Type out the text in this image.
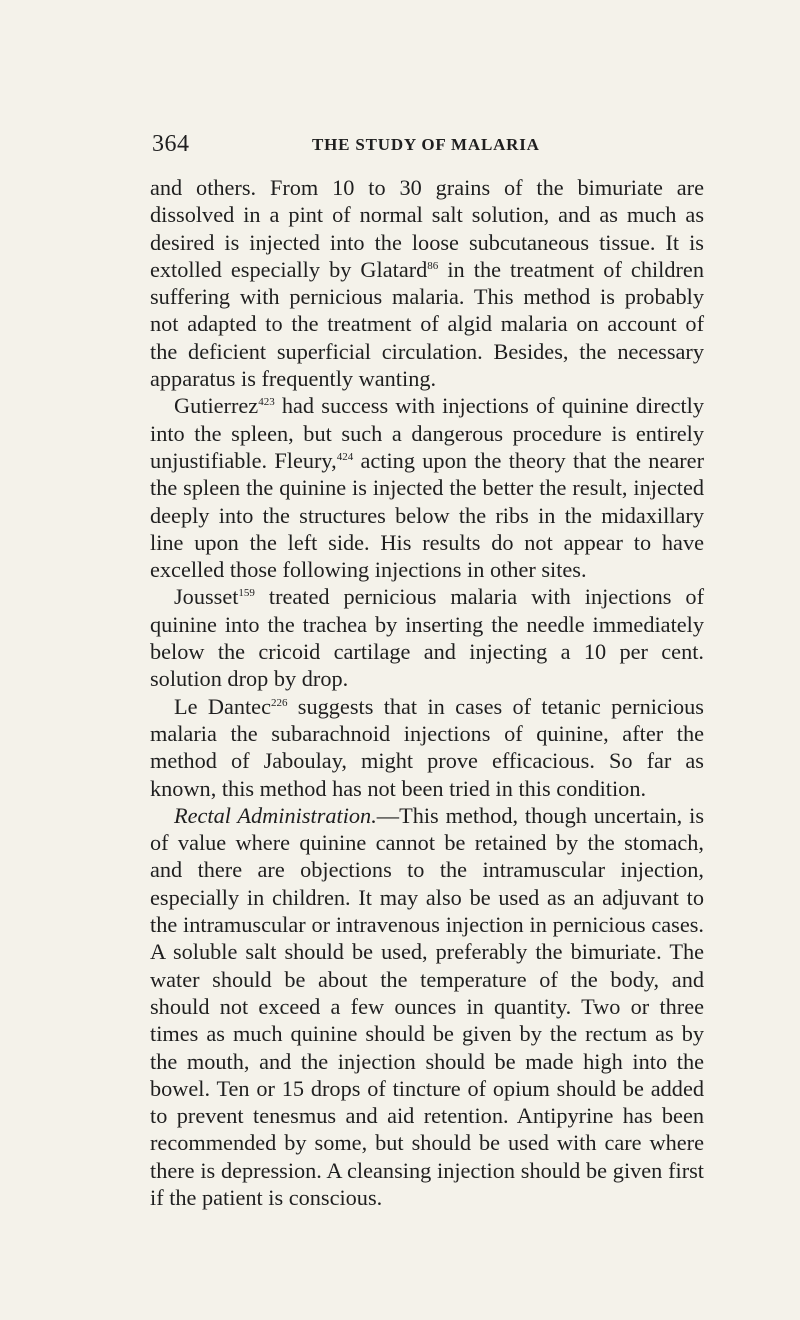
364	THE STUDY OF MALARIA

and others. From 10 to 30 grains of the bimuriate are dissolved in a pint of normal salt solution, and as much as desired is injected into the loose subcutaneous tissue. It is extolled especially by Glatard$^{86}$ in the treatment of children suffering with pernicious malaria. This method is probably not adapted to the treatment of algid malaria on account of the deficient superficial circulation. Besides, the necessary apparatus is frequently wanting.

Gutierrez$^{423}$ had success with injections of quinine directly into the spleen, but such a dangerous procedure is entirely unjustifiable. Fleury,$^{424}$ acting upon the theory that the nearer the spleen the quinine is injected the better the result, injected deeply into the structures below the ribs in the midaxillary line upon the left side. His results do not appear to have excelled those following injections in other sites.

Jousset$^{159}$ treated pernicious malaria with injections of quinine into the trachea by inserting the needle immediately below the cricoid cartilage and injecting a 10 per cent. solution drop by drop.

Le Dantec$^{226}$ suggests that in cases of tetanic pernicious malaria the subarachnoid injections of quinine, after the method of Jaboulay, might prove efficacious. So far as known, this method has not been tried in this condition.

Rectal Administration.—This method, though uncertain, is of value where quinine cannot be retained by the stomach, and there are objections to the intramuscular injection, especially in children. It may also be used as an adjuvant to the intramuscular or intravenous injection in pernicious cases. A soluble salt should be used, preferably the bimuriate. The water should be about the temperature of the body, and should not exceed a few ounces in quantity. Two or three times as much quinine should be given by the rectum as by the mouth, and the injection should be made high into the bowel. Ten or 15 drops of tincture of opium should be added to prevent tenesmus and aid retention. Antipyrine has been recommended by some, but should be used with care where there is depression. A cleansing injection should be given first if the patient is conscious.
